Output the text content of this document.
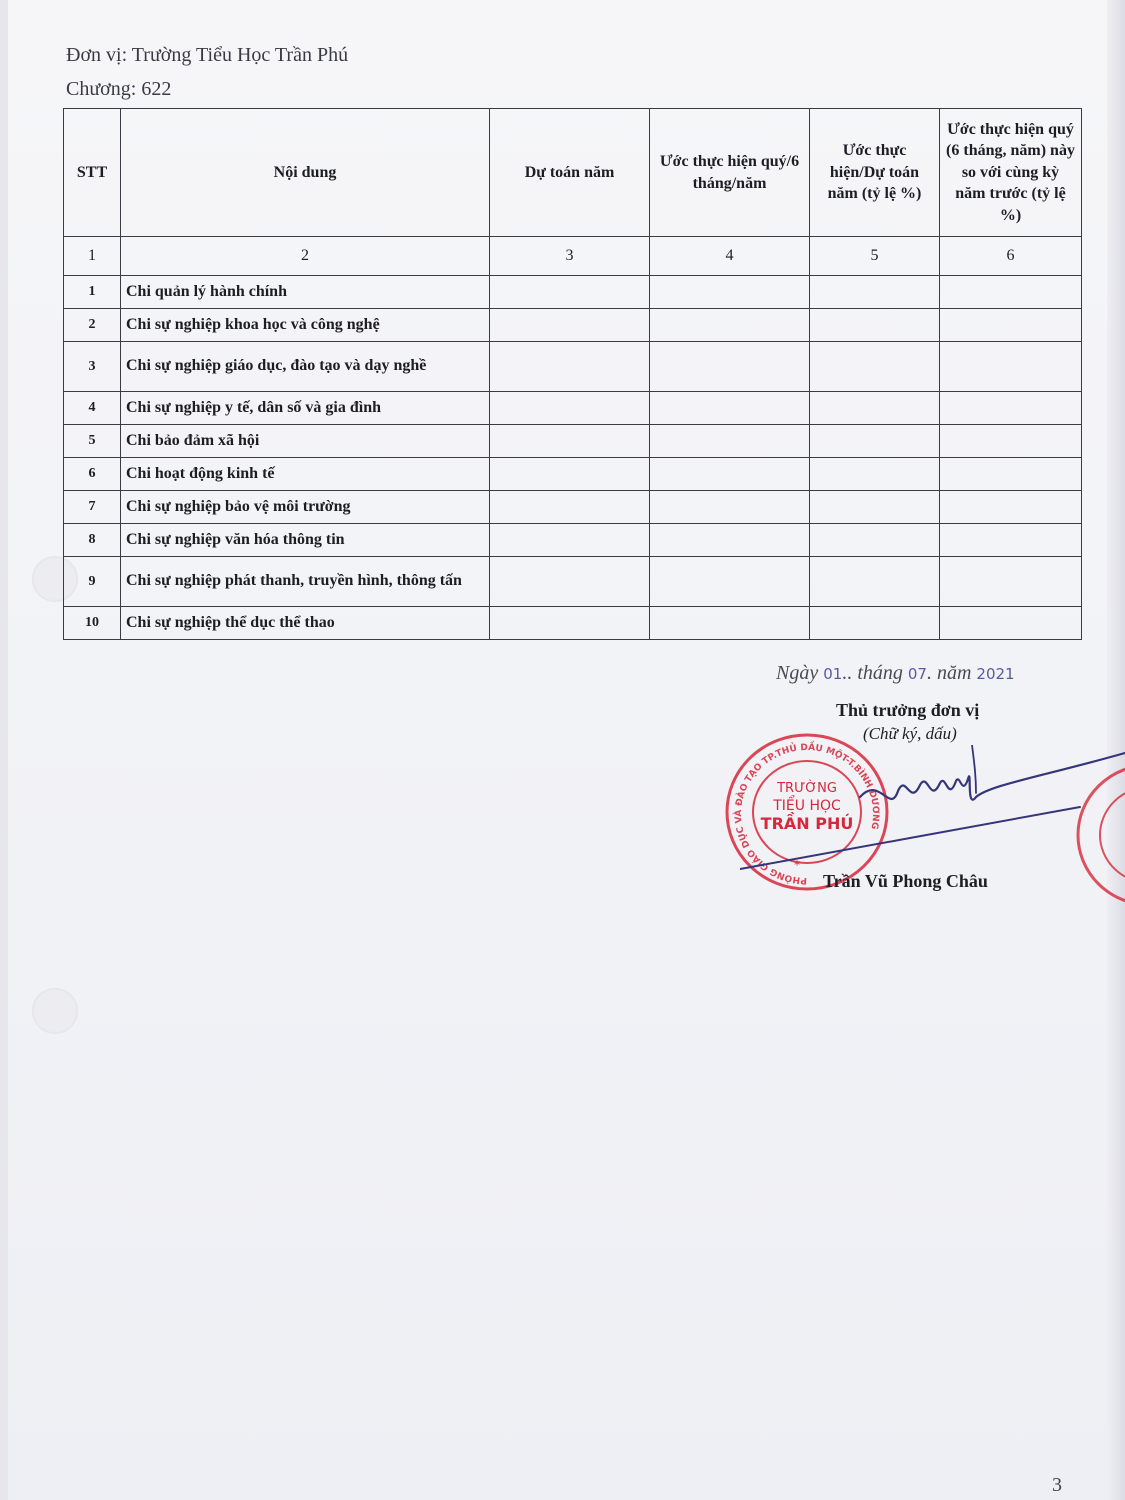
Đơn vị: Trường Tiểu Học Trần Phú
Chương: 622
STT	Nội dung	Dự toán năm	Ước thực hiện quý/6 tháng/năm	Ước thực hiện/Dự toán năm (tỷ lệ %)	Ước thực hiện quý (6 tháng, năm) này so với cùng kỳ năm trước (tỷ lệ %)
1	2	3	4	5	6
1	Chi quản lý hành chính				
2	Chi sự nghiệp khoa học và công nghệ				
3	Chi sự nghiệp giáo dục, đào tạo và dạy nghề				
4	Chi sự nghiệp y tế, dân số và gia đình				
5	Chi bảo đảm xã hội				
6	Chi hoạt động kinh tế				
7	Chi sự nghiệp bảo vệ môi trường				
8	Chi sự nghiệp văn hóa thông tin				
9	Chi sự nghiệp phát thanh, truyền hình, thông tấn				
10	Chi sự nghiệp thể dục thể thao				
Ngày 01.. tháng 07. năm 2021
Thủ trưởng đơn vị
(Chữ ký, dấu)
PHÒNG GIÁO DỤC VÀ ĐÀO TẠO TP.THỦ DẦU MỘT-T.BÌNH DƯƠNG
TRƯỜNG
TIỂU HỌC
TRẦN PHÚ
*
Trần Vũ Phong Châu
3
